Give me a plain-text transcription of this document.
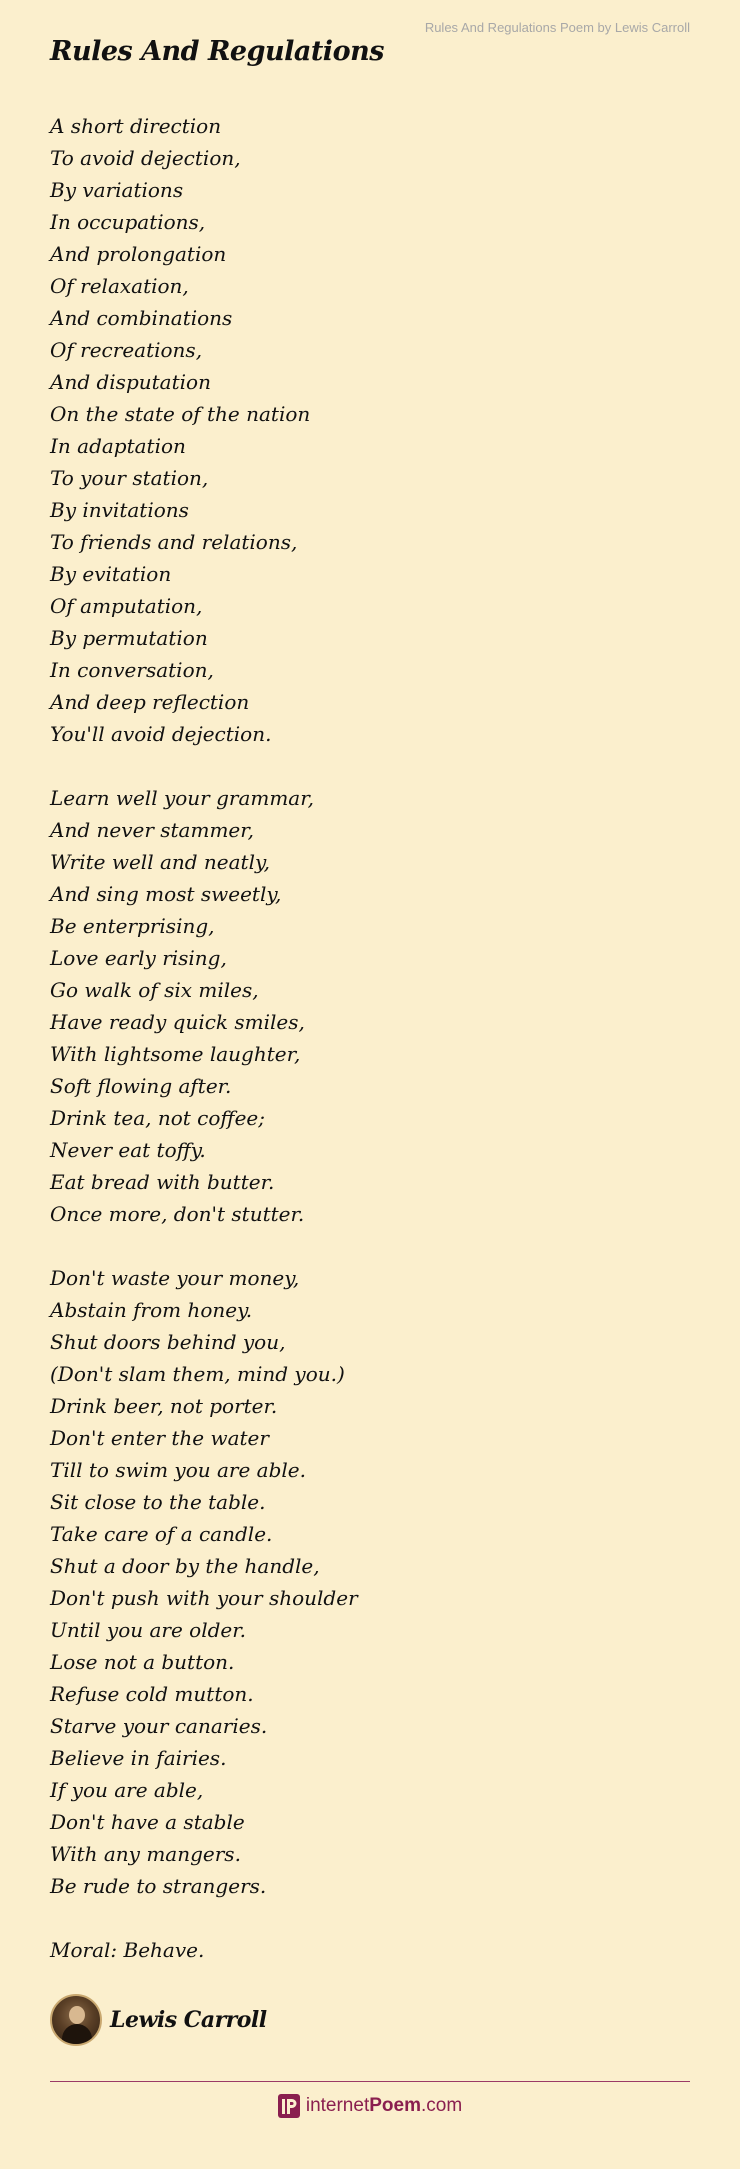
Rules And Regulations Poem by Lewis Carroll
Rules And Regulations
A short direction
To avoid dejection,
By variations
In occupations,
And prolongation
Of relaxation,
And combinations
Of recreations,
And disputation
On the state of the nation
In adaptation
To your station,
By invitations
To friends and relations,
By evitation
Of amputation,
By permutation
In conversation,
And deep reflection
You'll avoid dejection.
Learn well your grammar,
And never stammer,
Write well and neatly,
And sing most sweetly,
Be enterprising,
Love early rising,
Go walk of six miles,
Have ready quick smiles,
With lightsome laughter,
Soft flowing after.
Drink tea, not coffee;
Never eat toffy.
Eat bread with butter.
Once more, don't stutter.
Don't waste your money,
Abstain from honey.
Shut doors behind you,
(Don't slam them, mind you.)
Drink beer, not porter.
Don't enter the water
Till to swim you are able.
Sit close to the table.
Take care of a candle.
Shut a door by the handle,
Don't push with your shoulder
Until you are older.
Lose not a button.
Refuse cold mutton.
Starve your canaries.
Believe in fairies.
If you are able,
Don't have a stable
With any mangers.
Be rude to strangers.
Moral: Behave.
Lewis Carroll
internetPoem.com
